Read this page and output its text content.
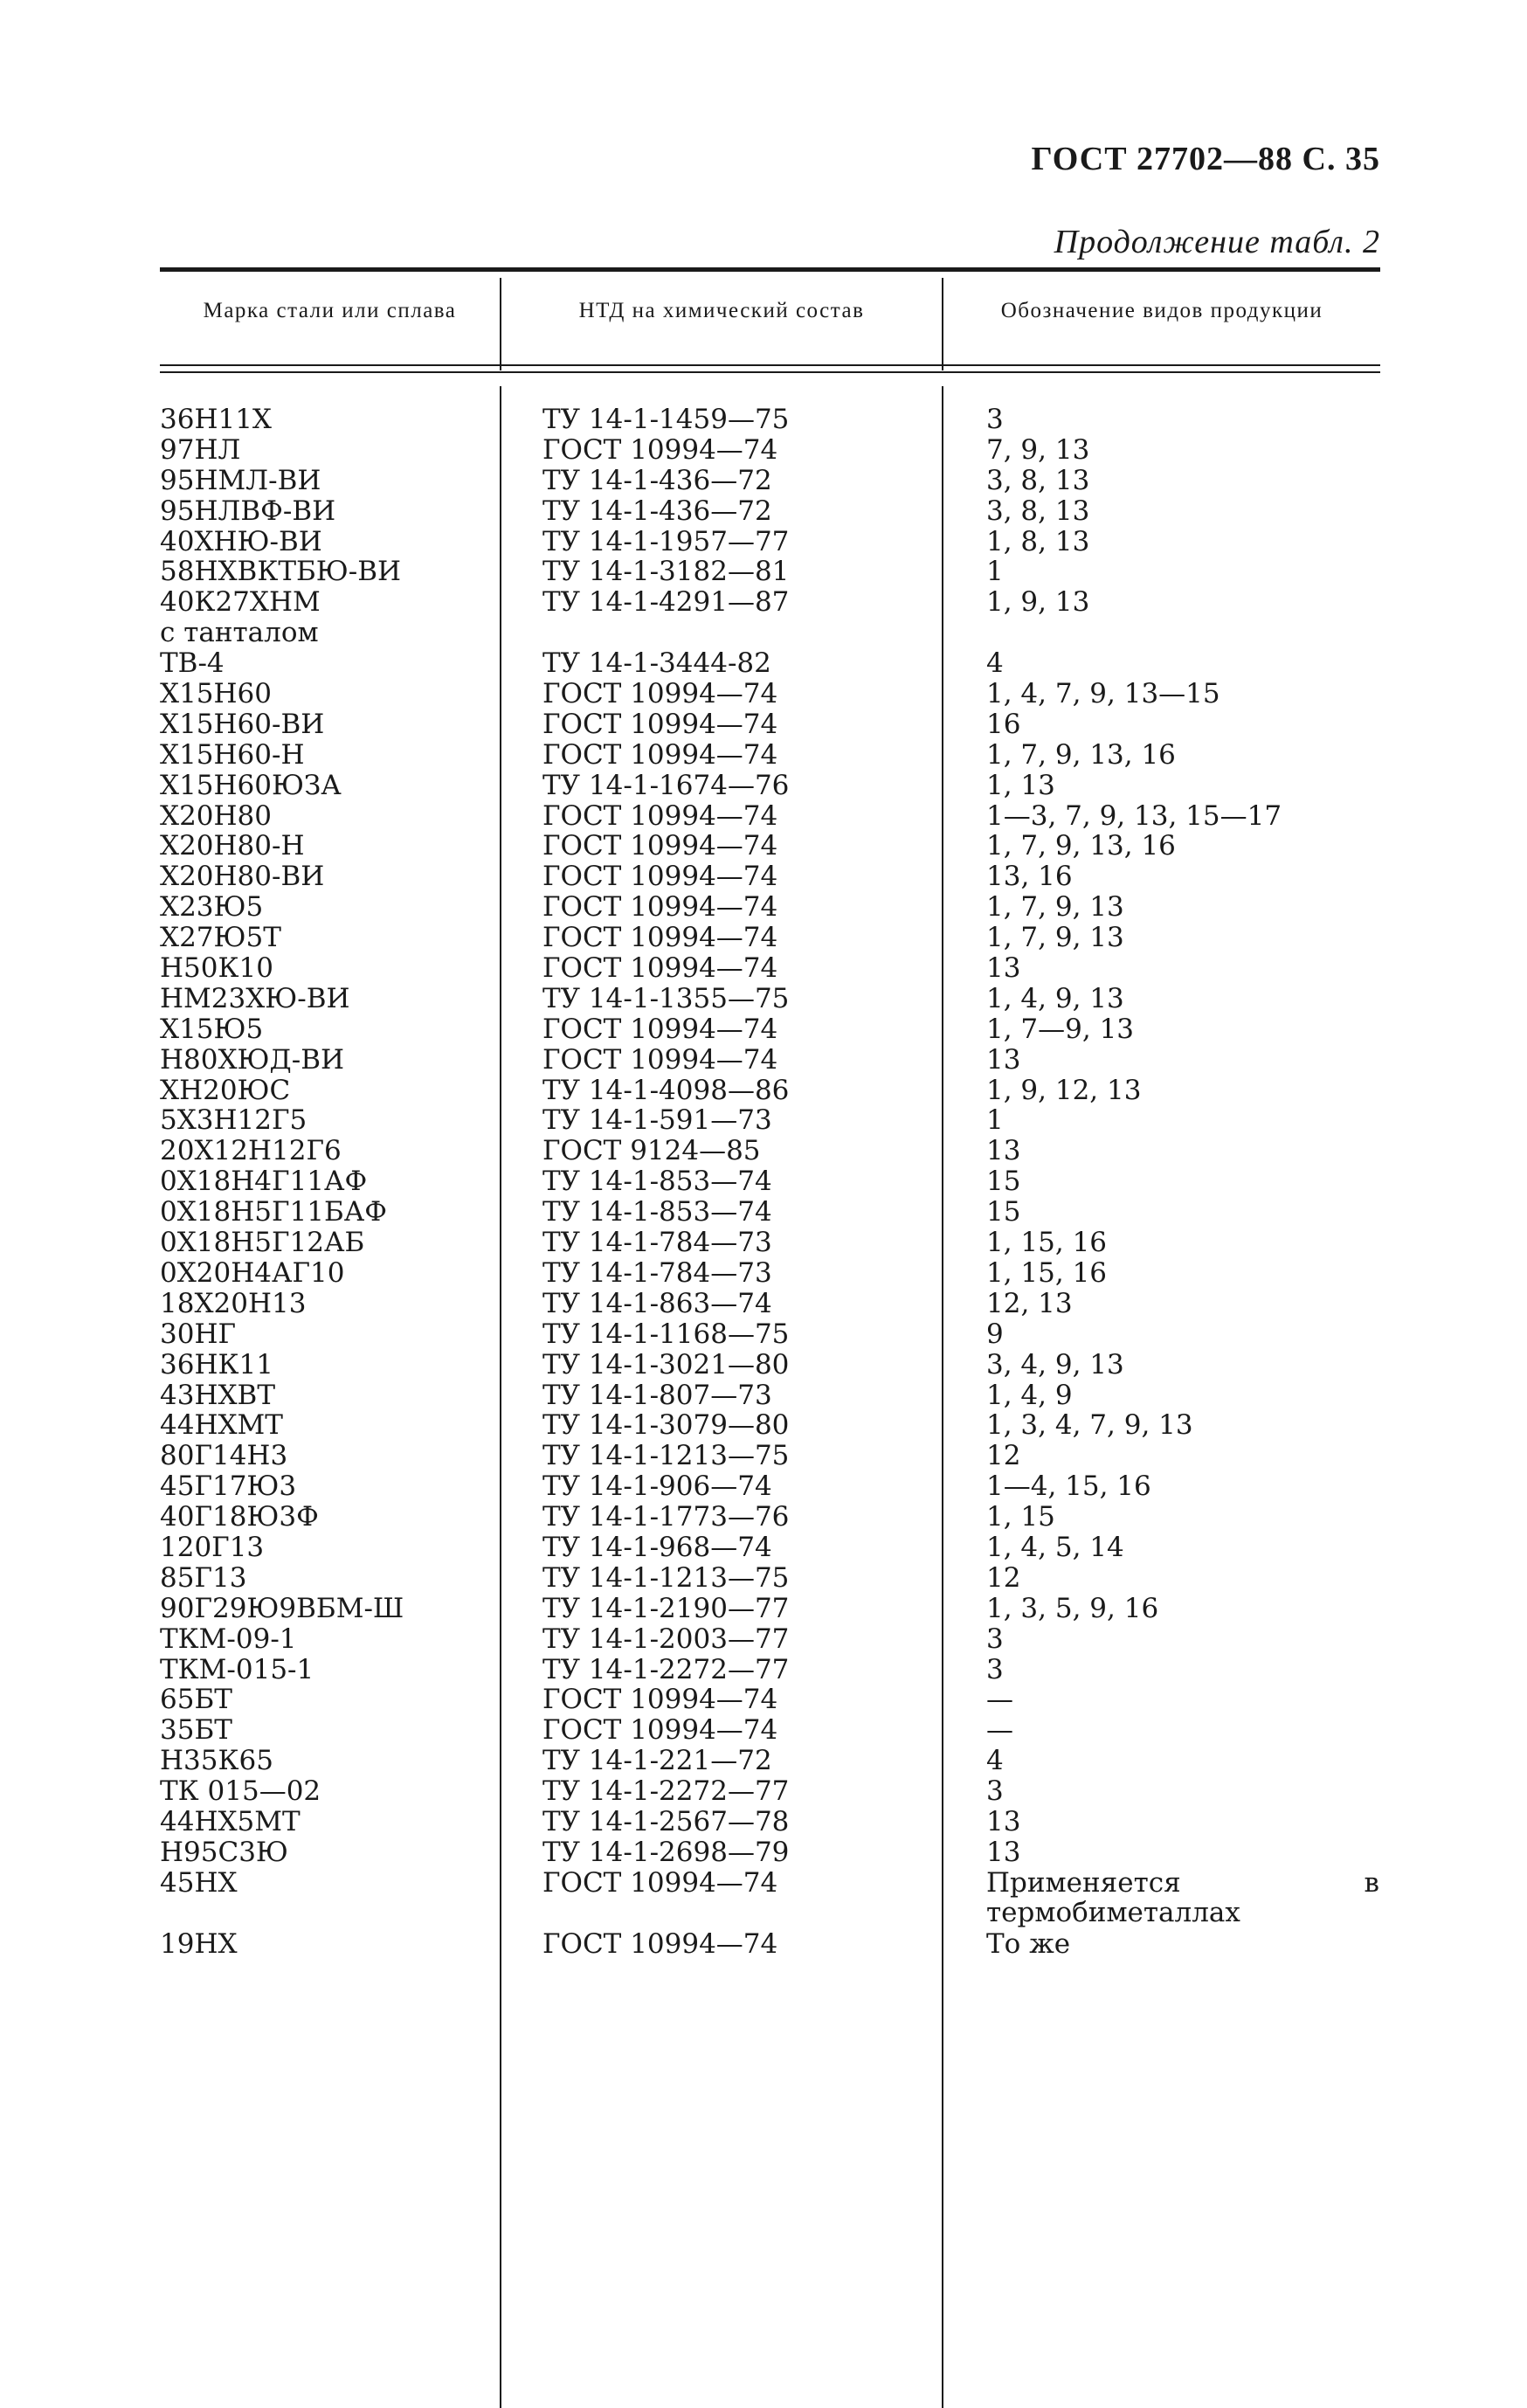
ГОСТ 27702—88 С. 35
Продолжение табл. 2
Марка стали или сплава	НТД на химический состав	Обозначение видов продукции
36Н11Х	ТУ 14-1-1459—75	3
97НЛ	ГОСТ 10994—74	7, 9, 13
95НМЛ-ВИ	ТУ 14-1-436—72	3, 8, 13
95НЛВФ-ВИ	ТУ 14-1-436—72	3, 8, 13
40ХНЮ-ВИ	ТУ 14-1-1957—77	1, 8, 13
58НХВКТБЮ-ВИ	ТУ 14-1-3182—81	1
40К27ХНМ	ТУ 14-1-4291—87	1, 9, 13
с танталом
ТВ-4	ТУ 14-1-3444-82	4
Х15Н60	ГОСТ 10994—74	1, 4, 7, 9, 13—15
Х15Н60-ВИ	ГОСТ 10994—74	16
Х15Н60-Н	ГОСТ 10994—74	1, 7, 9, 13, 16
Х15Н60ЮЗА	ТУ 14-1-1674—76	1, 13
Х20Н80	ГОСТ 10994—74	1—3, 7, 9, 13, 15—17
Х20Н80-Н	ГОСТ 10994—74	1, 7, 9, 13, 16
Х20Н80-ВИ	ГОСТ 10994—74	13, 16
Х23Ю5	ГОСТ 10994—74	1, 7, 9, 13
Х27Ю5Т	ГОСТ 10994—74	1, 7, 9, 13
Н50К10	ГОСТ 10994—74	13
НМ23ХЮ-ВИ	ТУ 14-1-1355—75	1, 4, 9, 13
Х15Ю5	ГОСТ 10994—74	1, 7—9, 13
Н80ХЮД-ВИ	ГОСТ 10994—74	13
ХН20ЮС	ТУ 14-1-4098—86	1, 9, 12, 13
5Х3Н12Г5	ТУ 14-1-591—73	1
20Х12Н12Г6	ГОСТ 9124—85	13
0Х18Н4Г11АФ	ТУ 14-1-853—74	15
0Х18Н5Г11БАФ	ТУ 14-1-853—74	15
0Х18Н5Г12АБ	ТУ 14-1-784—73	1, 15, 16
0Х20Н4АГ10	ТУ 14-1-784—73	1, 15, 16
18Х20Н13	ТУ 14-1-863—74	12, 13
30НГ	ТУ 14-1-1168—75	9
36НК11	ТУ 14-1-3021—80	3, 4, 9, 13
43НХВТ	ТУ 14-1-807—73	1, 4, 9
44НХМТ	ТУ 14-1-3079—80	1, 3, 4, 7, 9, 13
80Г14Н3	ТУ 14-1-1213—75	12
45Г17Ю3	ТУ 14-1-906—74	1—4, 15, 16
40Г18Ю3Ф	ТУ 14-1-1773—76	1, 15
120Г13	ТУ 14-1-968—74	1, 4, 5, 14
85Г13	ТУ 14-1-1213—75	12
90Г29Ю9ВБМ-Ш	ТУ 14-1-2190—77	1, 3, 5, 9, 16
ТКМ-09-1	ТУ 14-1-2003—77	3
ТКМ-015-1	ТУ 14-1-2272—77	3
65БТ	ГОСТ 10994—74	—
35БТ	ГОСТ 10994—74	—
Н35К65	ТУ 14-1-221—72	4
ТК 015—02	ТУ 14-1-2272—77	3
44НХ5МТ	ТУ 14-1-2567—78	13
Н95С3Ю	ТУ 14-1-2698—79	13
45НХ	ГОСТ 10994—74	Применяется в термобиметаллах
19НХ	ГОСТ 10994—74	То же
